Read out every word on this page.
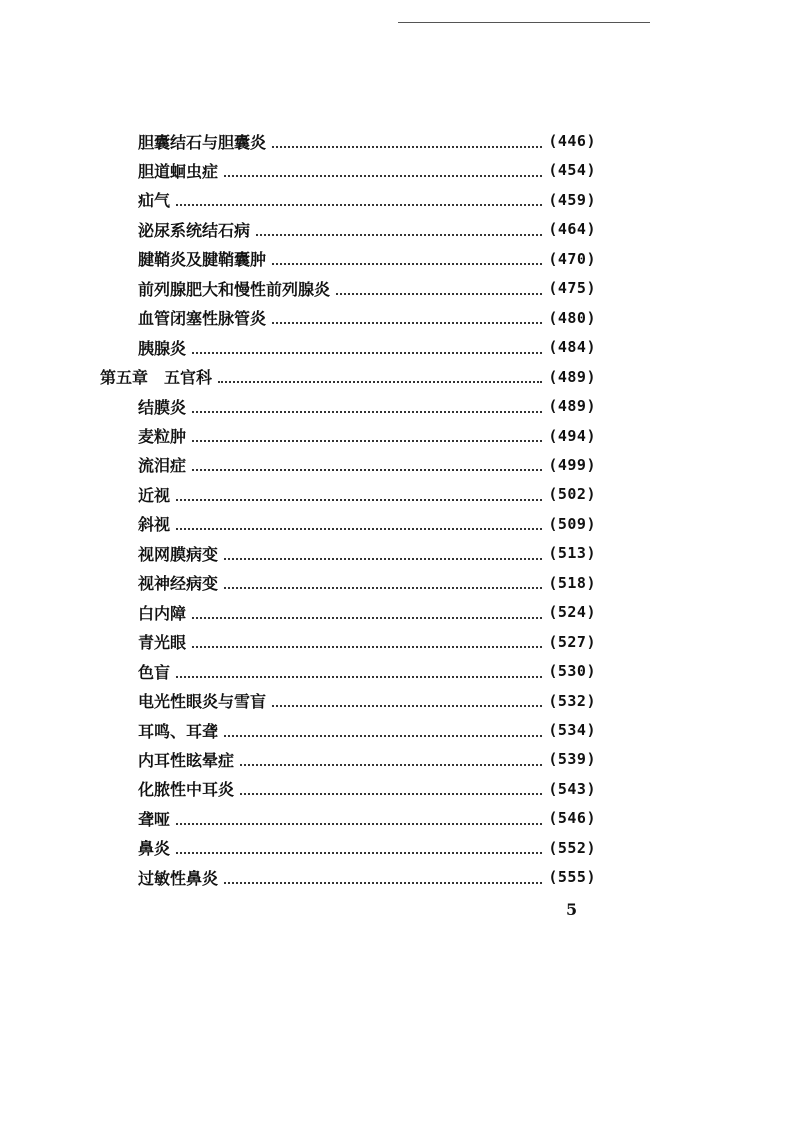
胆囊结石与胆囊炎	(446)
胆道蛔虫症	(454)
疝气	(459)
泌尿系统结石病	(464)
腱鞘炎及腱鞘囊肿	(470)
前列腺肥大和慢性前列腺炎	(475)
血管闭塞性脉管炎	(480)
胰腺炎	(484)
第五章　五官科	(489)
结膜炎	(489)
麦粒肿	(494)
流泪症	(499)
近视	(502)
斜视	(509)
视网膜病变	(513)
视神经病变	(518)
白内障	(524)
青光眼	(527)
色盲	(530)
电光性眼炎与雪盲	(532)
耳鸣、耳聋	(534)
内耳性眩晕症	(539)
化脓性中耳炎	(543)
聋哑	(546)
鼻炎	(552)
过敏性鼻炎	(555)
5
